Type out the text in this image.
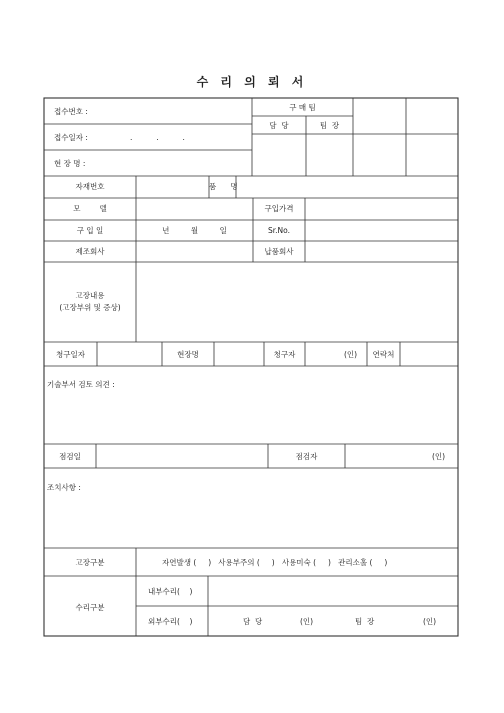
수 리 의 뢰 서
접수번호 :
접수일자 :	.          .          .
현 장 명 :
구 매 팀
담  당	팀  장
자재번호	품      명
모        델	구입가격
구 입 일	년         월         일	Sr.No.
제조회사	납품회사
고장내용
(고장부위 및 증상)
청구일자	현장명	청구자	(인)	연락처
기술부서 검토 의견 :
점검일	점검자	(인)
조치사항 :
고장구분	자연발생 (     )   사용부주의 (     )   사용미숙 (     )   관리소홀 (     )
수리구분
내부수리(    )
외부수리(    )	담  당	(인)	팀  장	(인)
